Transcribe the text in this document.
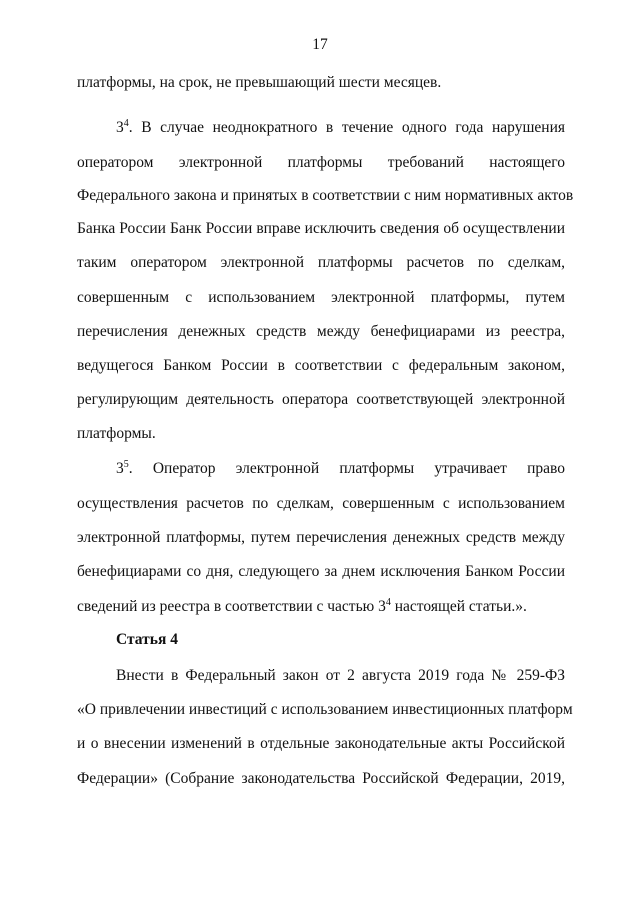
17
платформы, на срок, не превышающий шести месяцев.
$3^4$. В случае неоднократного в течение одного года нарушения
оператором электронной платформы требований настоящего
Федерального закона и принятых в соответствии с ним нормативных актов
Банка России Банк России вправе исключить сведения об осуществлении
таким оператором электронной платформы расчетов по сделкам,
совершенным с использованием электронной платформы, путем
перечисления денежных средств между бенефициарами из реестра,
ведущегося Банком России в соответствии с федеральным законом,
регулирующим деятельность оператора соответствующей электронной
платформы.
$3^5$. Оператор электронной платформы утрачивает право
осуществления расчетов по сделкам, совершенным с использованием
электронной платформы, путем перечисления денежных средств между
бенефициарами со дня, следующего за днем исключения Банком России
сведений из реестра в соответствии с частью $3^4$ настоящей статьи.».
Статья 4
Внести в Федеральный закон от 2 августа 2019 года № 259-ФЗ
«О привлечении инвестиций с использованием инвестиционных платформ
и о внесении изменений в отдельные законодательные акты Российской
Федерации» (Собрание законодательства Российской Федерации, 2019,
